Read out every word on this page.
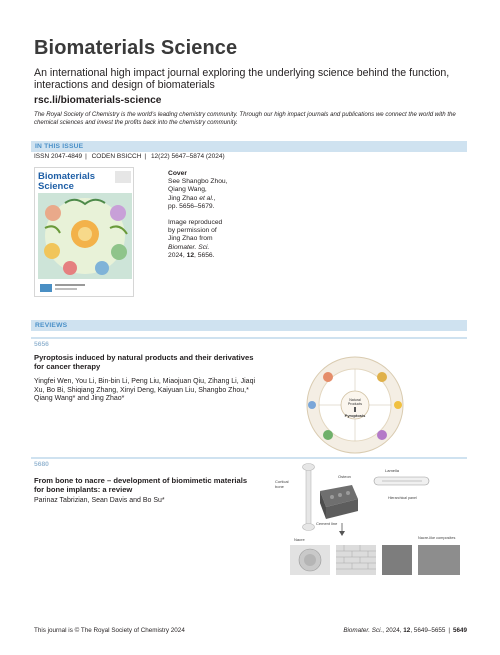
Biomaterials Science
An international high impact journal exploring the underlying science behind the function, interactions and design of biomaterials
rsc.li/biomaterials-science
The Royal Society of Chemistry is the world’s leading chemistry community. Through our high impact journals and publications we connect the world with the chemical sciences and invest the profits back into the chemistry community.
IN THIS ISSUE
ISSN 2047-4849 | CODEN BSICCH | 12(22) 5647–5874 (2024)
Biomaterials
Science
Cover
See Shangbo Zhou,
Qiang Wang,
Jing Zhao et al.,
pp. 5656–5679.
Image reproduced
by permission of
Jing Zhao from
Biomater. Sci.
2024, 12, 5656.
REVIEWS
5656
Pyroptosis induced by natural products and their derivatives for cancer therapy
Yingfei Wen, You Li, Bin-bin Li, Peng Liu, Miaojuan Qiu, Zihang Li, Jiaqi Xu, Bo Bi, Shiqiang Zhang, Xinyi Deng, Kaiyuan Liu, Shangbo Zhou,* Qiang Wang* and Jing Zhao*	Natural
Products
Pyroptosis
5680
From bone to nacre – development of biomimetic materials for bone implants: a review
Parinaz Tabrizian, Sean Davis and Bo Su*
Cortical
bone
Osteon
Lamella
Hierarchical panel
Cement line
Nacre	Nacre-like composites
This journal is © The Royal Society of Chemistry 2024	Biomater. Sci., 2024, 12, 5649–5655 | 5649
